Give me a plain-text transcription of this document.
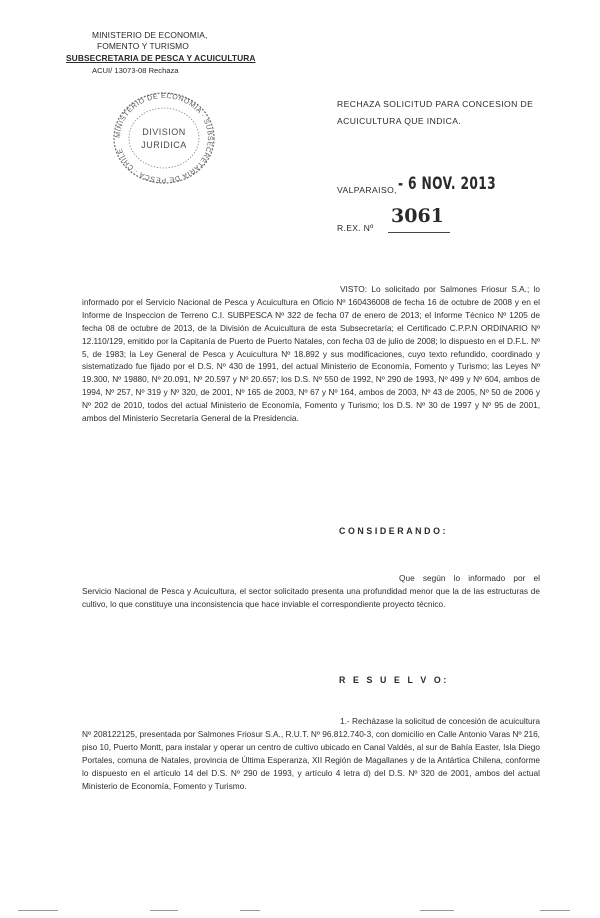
MINISTERIO DE ECONOMIA,
FOMENTO Y TURISMO
SUBSECRETARIA DE PESCA Y ACUICULTURA
ACUI/ 13073-08 Rechaza
MINISTERIO DE ECONOMIA · SUBSECRETARIA DE PESCA · CHILE
DIVISION
JURIDICA
RECHAZA SOLICITUD PARA CONCESION DE ACUICULTURA QUE INDICA.
VALPARAISO, - 6 NOV. 2013
R.EX. Nº
3061
VISTO: Lo solicitado por Salmones Friosur S.A.; lo informado por el Servicio Nacional de Pesca y Acuicultura en Oficio Nº 160436008 de fecha 16 de octubre de 2008 y en el Informe de Inspeccion de Terreno C.I. SUBPESCA Nº 322 de fecha 07 de enero de 2013; el Informe Técnico Nº 1205 de fecha 08 de octubre de 2013, de la División de Acuicultura de esta Subsecretaría; el Certificado C.P.P.N ORDINARIO Nº 12.110/129, emitido por la Capitanía de Puerto de Puerto Natales, con fecha 03 de julio de 2008; lo dispuesto en el D.F.L. Nº 5, de 1983; la Ley General de Pesca y Acuicultura Nº 18.892 y sus modificaciones, cuyo texto refundido, coordinado y sistematizado fue fijado por el D.S. Nº 430 de 1991, del actual Ministerio de Economía, Fomento y Turismo; las Leyes Nº 19.300, Nº 19880, Nº 20.091, Nº 20.597 y Nº 20.657; los D.S. Nº 550 de 1992, Nº 290 de 1993, Nº 499 y Nº 604, ambos de 1994, Nº 257, Nº 319 y Nº 320, de 2001, Nº 165 de 2003, Nº 67 y Nº 164, ambos de 2003, Nº 43 de 2005, Nº 50 de 2006 y Nº 202 de 2010, todos del actual Ministerio de Economía, Fomento y Turismo; los D.S. Nº 30 de 1997 y Nº 95 de 2001, ambos del Ministerio Secretaría General de la Presidencia.
CONSIDERANDO:
Que según lo informado por el Servicio Nacional de Pesca y Acuicultura, el sector solicitado presenta una profundidad menor que la de las estructuras de cultivo, lo que constituye una inconsistencia que hace inviable el correspondiente proyecto técnico.
R E S U E L V O:
1.- Recházase la solicitud de concesión de acuicultura Nº 208122125, presentada por Salmones Friosur S.A., R.U.T. Nº 96.812.740-3, con domicilio en Calle Antonio Varas Nº 216, piso 10, Puerto Montt, para instalar y operar un centro de cultivo ubicado en Canal Valdés, al sur de Bahía Easter, Isla Diego Portales, comuna de Natales, provincia de Última Esperanza, XII Región de Magallanes y de la Antártica Chilena, conforme lo dispuesto en el artículo 14 del D.S. Nº 290 de 1993, y artículo 4 letra d) del D.S. Nº 320 de 2001, ambos del actual Ministerio de Economía, Fomento y Turismo.
